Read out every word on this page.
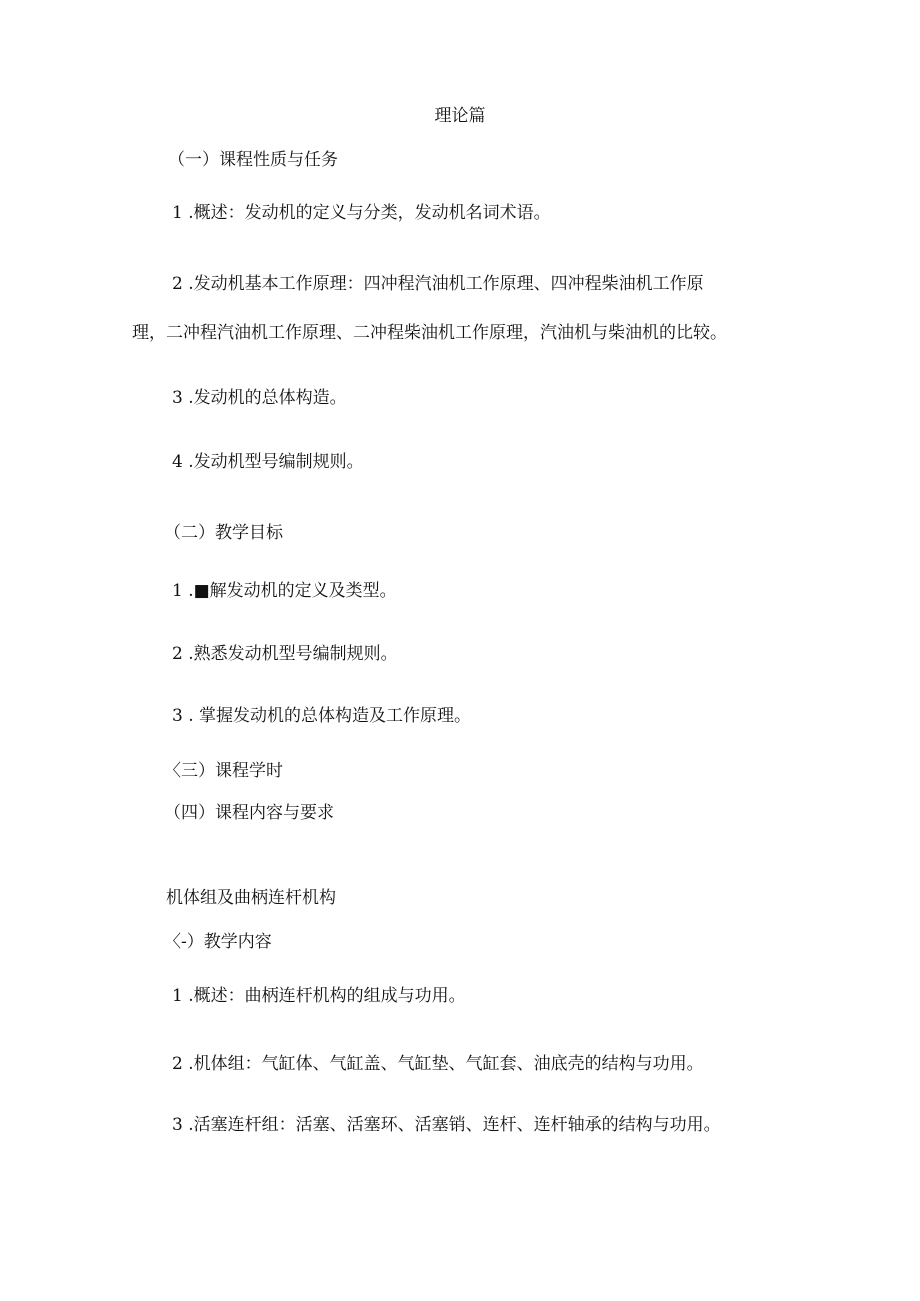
理论篇
（一）课程性质与任务
1 .概述：发动机的定义与分类，发动机名词术语。
2 .发动机基本工作原理：四冲程汽油机工作原理、四冲程柴油机工作原
理，二冲程汽油机工作原理、二冲程柴油机工作原理，汽油机与柴油机的比较。
3 .发动机的总体构造。
4 .发动机型号编制规则。
（二）教学目标
1 .■解发动机的定义及类型。
2 .熟悉发动机型号编制规则。
3 . 掌握发动机的总体构造及工作原理。
〈三）课程学时
（四）课程内容与要求
机体组及曲柄连杆机构
〈-）教学内容
1 .概述：曲柄连杆机构的组成与功用。
2 .机体组：气缸体、气缸盖、气缸垫、气缸套、油底壳的结构与功用。
3 .活塞连杆组：活塞、活塞环、活塞销、连杆、连杆轴承的结构与功用。
